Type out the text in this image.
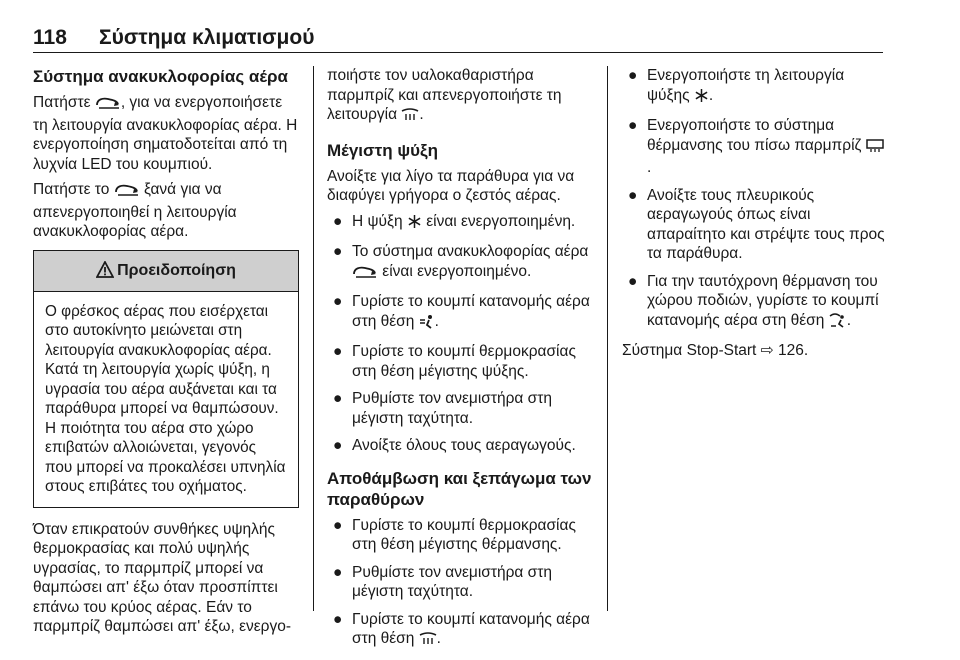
118 Σύστημα κλιματισμού
Σύστημα ανακυκλοφορίας αέρα

Πατήστε , για να ενεργοποιήσετε τη λειτουργία ανακυκλοφορίας αέρα. Η ενεργοποίηση σηματοδοτείται από τη λυχνία LED του κουμπιού.

Πατήστε το  ξανά για να απενεργοποιηθεί η λειτουργία ανακυκλοφορίας αέρα.

Προειδοποίηση
Ο φρέσκος αέρας που εισέρχεται στο αυτοκίνητο μειώνεται στη λειτουργία ανακυκλοφορίας αέρα. Κατά τη λειτουργία χωρίς ψύξη, η υγρασία του αέρα αυξάνεται και τα παράθυρα μπορεί να θαμπώσουν. Η ποιότητα του αέρα στο χώρο επιβατών αλλοιώνεται, γεγονός που μπορεί να προκαλέσει υπνηλία στους επιβάτες του οχήματος.

Όταν επικρατούν συνθήκες υψηλής θερμοκρασίας και πολύ υψηλής υγρασίας, το παρμπρίζ μπορεί να θαμπώσει απ' έξω όταν προσπίπτει επάνω του κρύος αέρας. Εάν το παρμπρίζ θαμπώσει απ' έξω, ενεργο-

ποιήστε τον υαλοκαθαριστήρα παρμπρίζ και απενεργοποιήστε τη λειτουργία .

Μέγιστη ψύξη

Ανοίξτε για λίγο τα παράθυρα για να διαφύγει γρήγορα ο ζεστός αέρας.

● Η ψύξη  είναι ενεργοποιημένη.
● Το σύστημα ανακυκλοφορίας αέρα  είναι ενεργοποιημένο.
● Γυρίστε το κουμπί κατανομής αέρα στη θέση .
● Γυρίστε το κουμπί θερμοκρασίας στη θέση μέγιστης ψύξης.
● Ρυθμίστε τον ανεμιστήρα στη μέγιστη ταχύτητα.
● Ανοίξτε όλους τους αεραγωγούς.
Αποθάμβωση και ξεπάγωμα των παραθύρων
● Γυρίστε το κουμπί θερμοκρασίας στη θέση μέγιστης θέρμανσης.
● Ρυθμίστε τον ανεμιστήρα στη μέγιστη ταχύτητα.
● Γυρίστε το κουμπί κατανομής αέρα στη θέση .
● Ενεργοποιήστε τη λειτουργία ψύξης .
● Ενεργοποιήστε το σύστημα θέρμανσης του πίσω παρμπρίζ .
● Ανοίξτε τους πλευρικούς αεραγωγούς όπως είναι απαραίτητο και στρέψτε τους προς τα παράθυρα.
● Για την ταυτόχρονη θέρμανση του χώρου ποδιών, γυρίστε το κουμπί κατανομής αέρα στη θέση .

Σύστημα Stop-Start ⇨ 126.
